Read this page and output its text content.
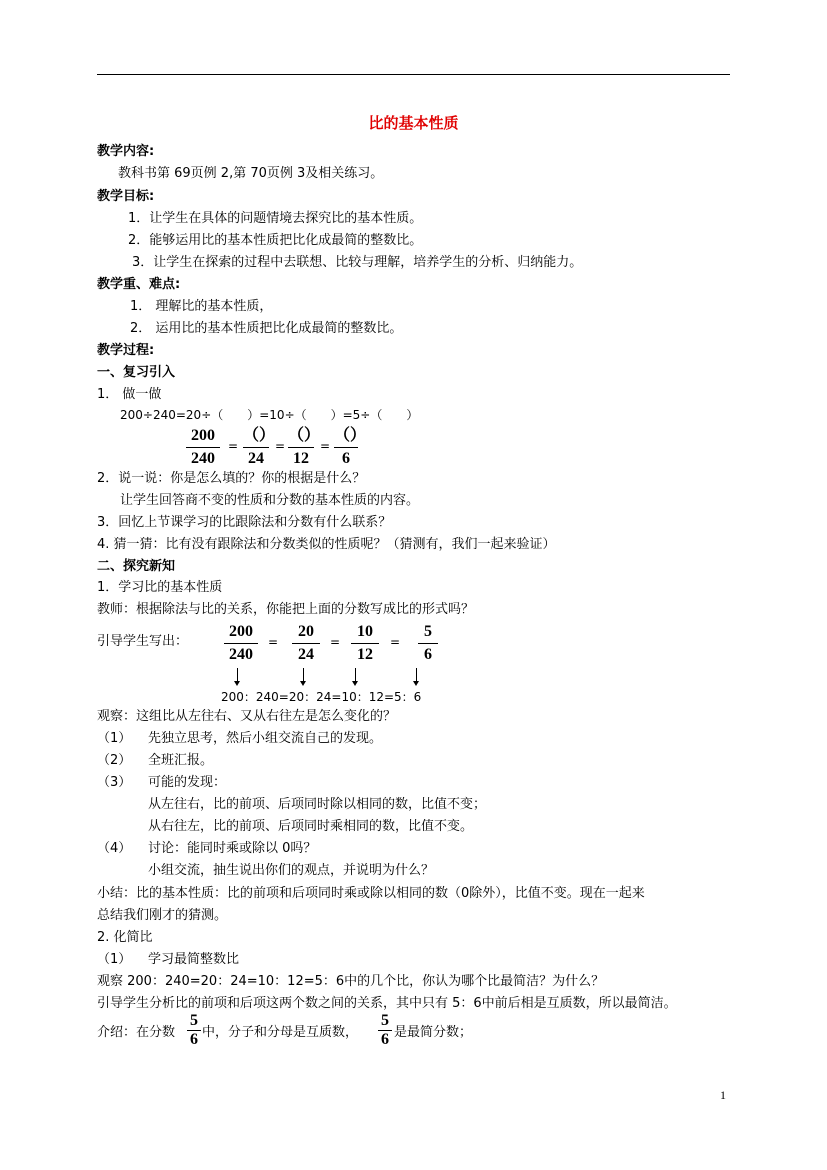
比的基本性质
教学内容:
教科书第 69页例 2,第 70页例 3及相关练习。
教学目标:
1．让学生在具体的问题情境去探究比的基本性质。
2．能够运用比的基本性质把比化成最简的整数比。
3．让学生在探索的过程中去联想、比较与理解，培养学生的分析、归纳能力。
教学重、难点:
1． 理解比的基本性质，
2． 运用比的基本性质把比化成最简的整数比。
教学过程:
一、复习引入
1． 做一做
200÷240=20÷（　　）=10÷（　　）=5÷（　　）
200
240
=
（）
24
=
（）
12
=
（）
6
2．说一说：你是怎么填的？你的根据是什么？
让学生回答商不变的性质和分数的基本性质的内容。
3．回忆上节课学习的比跟除法和分数有什么联系？
4. 猜一猜：比有没有跟除法和分数类似的性质呢？（猜测有，我们一起来验证）
二、探究新知
1．学习比的基本性质
教师：根据除法与比的关系，你能把上面的分数写成比的形式吗？
引导学生写出：
200
240
=
20
24
=
10
12
=
5
6
200：240=20：24=10：12=5：6
观察：这组比从左往右、又从右往左是怎么变化的？
（1） 先独立思考，然后小组交流自己的发现。
（2） 全班汇报。
（3） 可能的发现：
从左往右，比的前项、后项同时除以相同的数，比值不变；
从右往左，比的前项、后项同时乘相同的数，比值不变。
（4） 讨论：能同时乘或除以 0吗？
小组交流，抽生说出你们的观点，并说明为什么？
小结：比的基本性质：比的前项和后项同时乘或除以相同的数（0除外），比值不变。现在一起来
总结我们刚才的猜测。
2. 化简比
（1） 学习最简整数比
观察 200：240=20：24=10：12=5：6中的几个比，你认为哪个比最简洁？为什么？
引导学生分析比的前项和后项这两个数之间的关系，其中只有 5：6中前后相是互质数，所以最简洁。
介绍：在分数
5
6 中，分子和分母是互质数，
5
6 是最简分数；
1
